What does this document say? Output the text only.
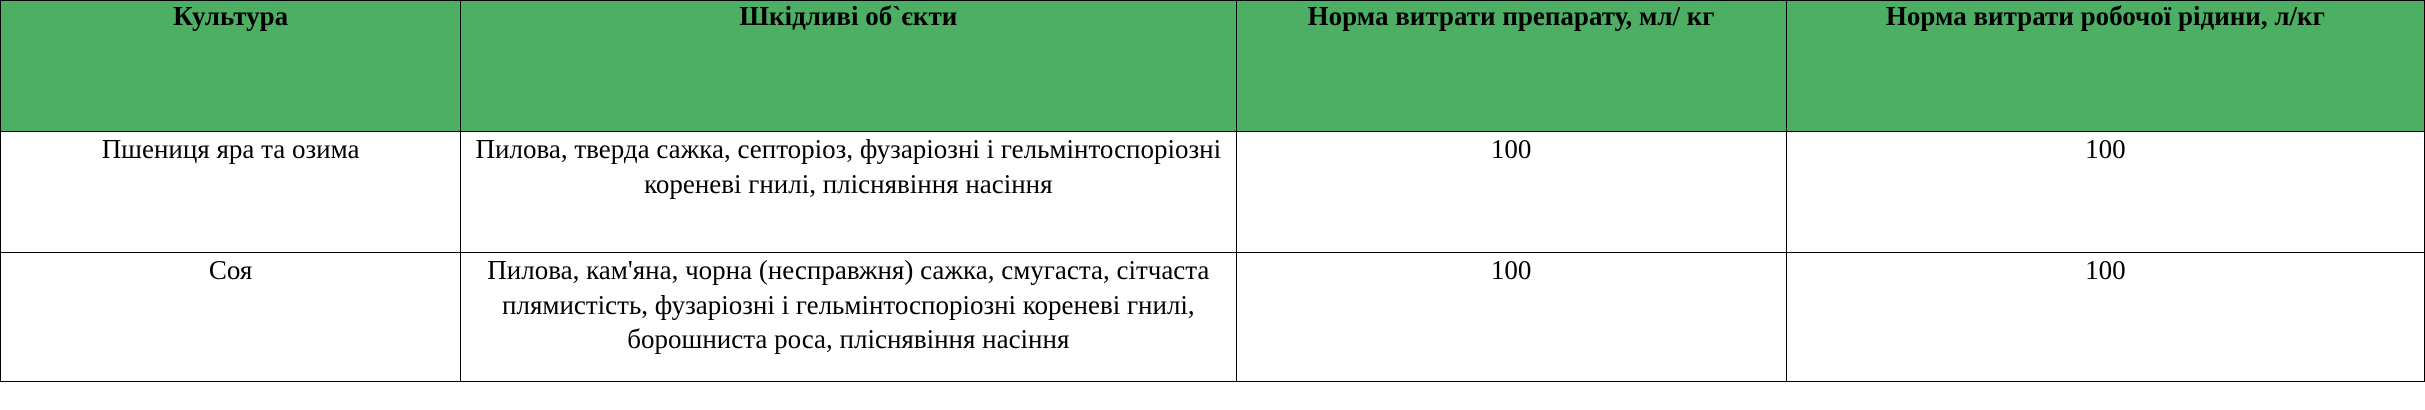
Культура	Шкідливі об`єкти	Норма витрати препарату, мл/ кг	Норма витрати робочої рідини, л/кг

Пшениця яра та озима	Пилова, тверда сажка, септоріоз, фузаріозні і гельмінтоспоріозні кореневі гнилі, пліснявіння насіння	100	100
Соя	Пилова, кам'яна, чорна (несправжня) сажка, смугаста, сітчаста плямистість, фузаріозні і гельмінтоспоріозні кореневі гнилі, борошниста роса, пліснявіння насіння	100	100
